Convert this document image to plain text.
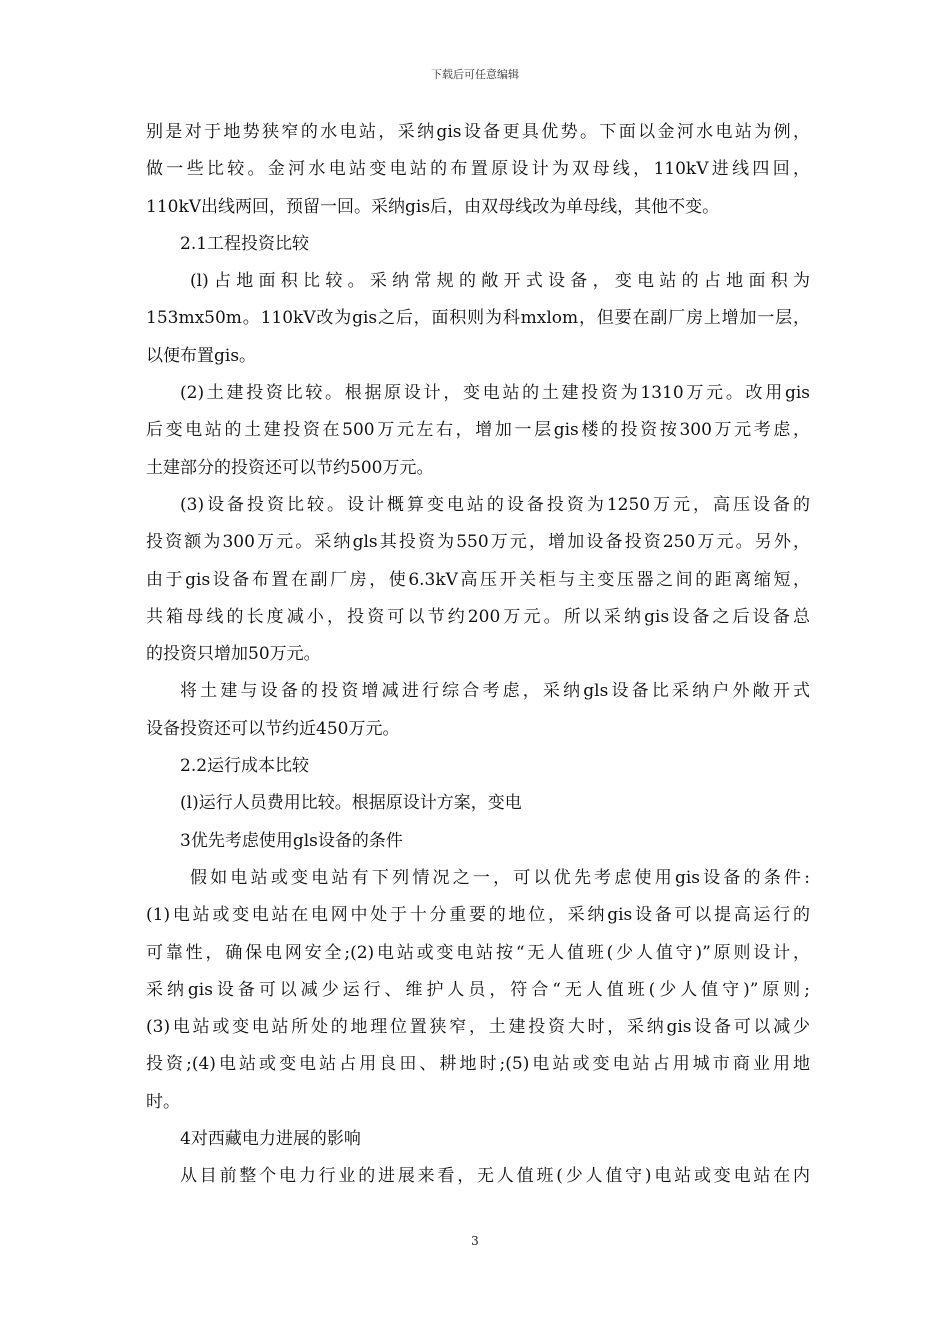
下载后可任意编辑
别是对于地势狭窄的水电站，采纳gis设备更具优势。下面以金河水电站为例，
做一些比较。金河水电站变电站的布置原设计为双母线，110kV进线四回，
110kV出线两回，预留一回。采纳gis后，由双母线改为单母线，其他不变。
2.1工程投资比较
(l)占地面积比较。采纳常规的敞开式设备，变电站的占地面积为
153mx50m。110kV改为gis之后，面积则为科mxlom，但要在副厂房上增加一层，
以便布置gis。
(2)土建投资比较。根据原设计，变电站的土建投资为1310万元。改用gis
后变电站的土建投资在500万元左右，增加一层gis楼的投资按300万元考虑，
土建部分的投资还可以节约500万元。
(3)设备投资比较。设计概算变电站的设备投资为1250万元，高压设备的
投资额为300万元。采纳gls其投资为550万元，增加设备投资250万元。另外，
由于gis设备布置在副厂房，使6.3kV高压开关柜与主变压器之间的距离缩短，
共箱母线的长度减小，投资可以节约200万元。所以采纳gis设备之后设备总
的投资只增加50万元。
将土建与设备的投资增减进行综合考虑，采纳gls设备比采纳户外敞开式
设备投资还可以节约近450万元。
2.2运行成本比较
(l)运行人员费用比较。根据原设计方案，变电
3优先考虑使用gls设备的条件
假如电站或变电站有下列情况之一，可以优先考虑使用gis设备的条件:
(1)电站或变电站在电网中处于十分重要的地位，采纳gis设备可以提高运行的
可靠性，确保电网安全;(2)电站或变电站按“无人值班(少人值守)”原则设计，
采纳gis设备可以减少运行、维护人员，符合“无人值班(少人值守)”原则;
(3)电站或变电站所处的地理位置狭窄，土建投资大时，采纳gis设备可以减少
投资;(4)电站或变电站占用良田、耕地时;(5)电站或变电站占用城市商业用地
时。
4对西藏电力进展的影响
从目前整个电力行业的进展来看，无人值班(少人值守)电站或变电站在内
3
